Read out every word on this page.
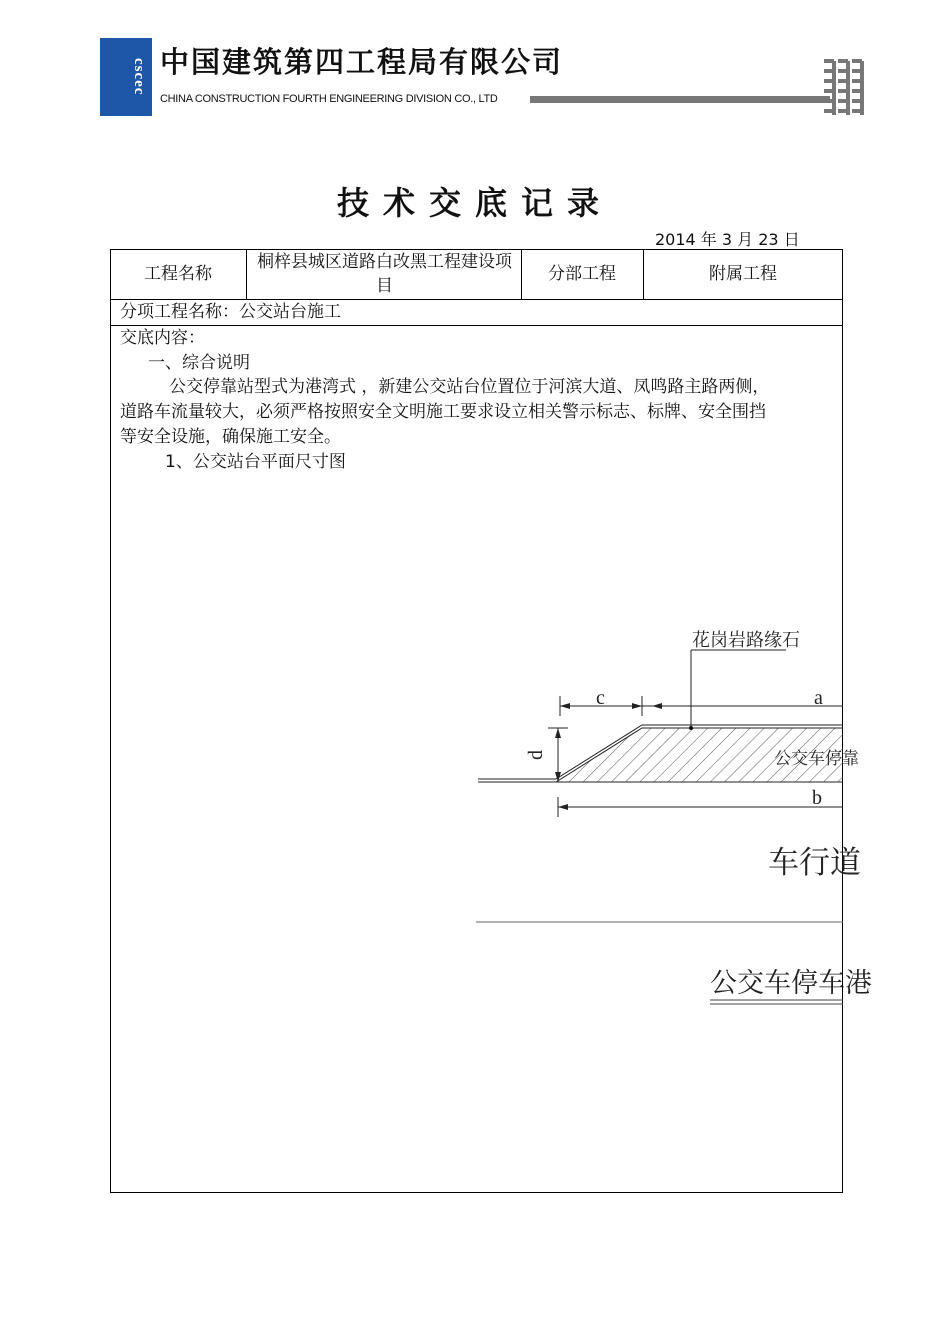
cscec 中国建筑第四工程局有限公司
CHINA CONSTRUCTION FOURTH ENGINEERING DIVISION CO., LTD
技术交底记录
2014 年 3 月 23 日
工程名称
桐梓县城区道路白改黑工程建设项目
分部工程	附属工程
分项工程名称：公交站台施工
交底内容：
一、综合说明
公交停靠站型式为港湾式 ，新建公交站台位置位于河滨大道、凤鸣路主路两侧，
道路车流量较大，必须严格按照安全文明施工要求设立相关警示标志、标牌、安全围挡
等安全设施，确保施工安全。
1、公交站台平面尺寸图
花岗岩路缘石
c	a
d
b
公交车停靠
车行道
公交车停车港
